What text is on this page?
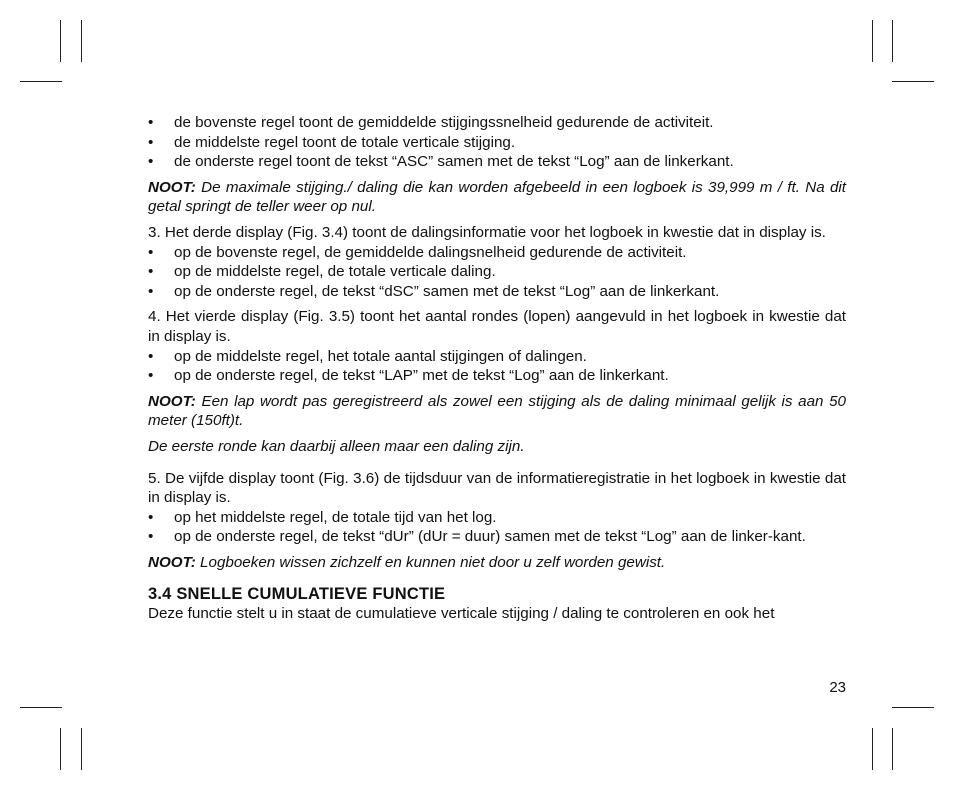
• de bovenste regel toont de gemiddelde stijgingssnelheid gedurende de activiteit.
• de middelste regel toont de totale verticale stijging.
• de onderste regel toont de tekst “ASC” samen met de tekst “Log” aan de linkerkant.

NOOT: De maximale stijging./ daling die kan worden afgebeeld in een logboek is 39,999 m / ft. Na dit getal springt de teller weer op nul.

3. Het derde display (Fig. 3.4) toont de dalingsinformatie voor het logboek in kwestie dat in display is.

• op de bovenste regel, de gemiddelde dalingsnelheid gedurende de activiteit.
• op de middelste regel, de totale verticale daling.
• op de onderste regel, de tekst “dSC” samen met de tekst “Log” aan de linkerkant.

4. Het vierde display (Fig. 3.5) toont het aantal rondes (lopen) aangevuld in het logboek in kwestie dat in display is.

• op de middelste regel, het totale aantal stijgingen of dalingen.
• op de onderste regel, de tekst “LAP” met de tekst “Log” aan de linkerkant.

NOOT: Een lap wordt pas geregistreerd als zowel een stijging als de daling minimaal gelijk is aan 50 meter (150ft)t.

De eerste ronde kan daarbij alleen maar een daling zijn.

5. De vijfde display toont (Fig. 3.6) de tijdsduur van de informatieregistratie in het logboek in kwestie dat in display is.

• op het middelste regel, de totale tijd van het log.
• op de onderste regel, de tekst “dUr” (dUr = duur) samen met de tekst “Log” aan de linker-kant.

NOOT: Logboeken wissen zichzelf en kunnen niet door u zelf worden gewist.

3.4 SNELLE CUMULATIEVE FUNCTIE

Deze functie stelt u in staat de cumulatieve verticale stijging / daling te controleren en ook het

23
